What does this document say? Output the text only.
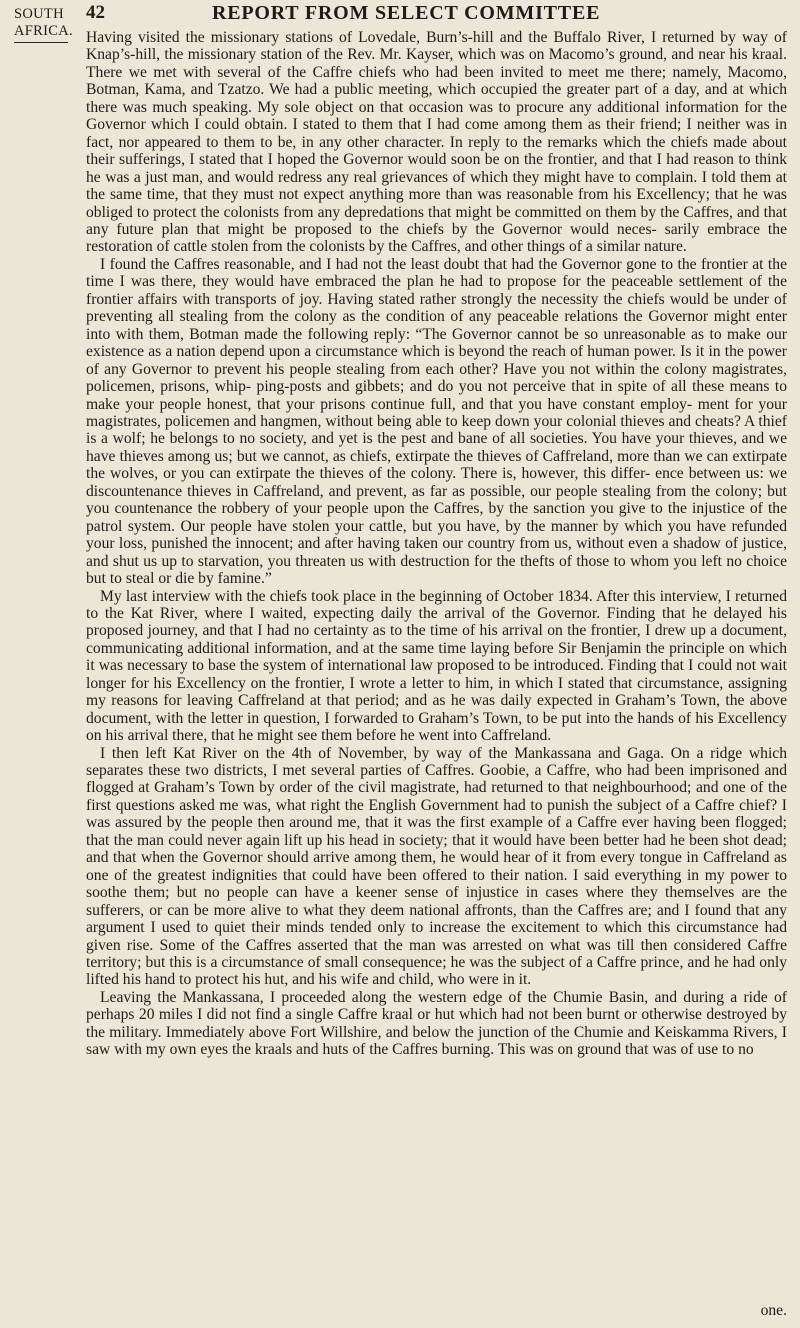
SOUTH
AFRICA.
42	REPORT FROM SELECT COMMITTEE

Having visited the missionary stations of Lovedale, Burn’s-hill and the Buffalo River, I returned by way of Knap’s-hill, the missionary station of the Rev. Mr. Kayser, which was on Macomo’s ground, and near his kraal. There we met with several of the Caffre chiefs who had been invited to meet me there; namely, Macomo, Botman, Kama, and Tzatzo. We had a public meeting, which occupied the greater part of a day, and at which there was much speaking. My sole object on that occasion was to procure any additional information for the Governor which I could obtain. I stated to them that I had come among them as their friend; I neither was in fact, nor appeared to them to be, in any other character. In reply to the remarks which the chiefs made about their sufferings, I stated that I hoped the Governor would soon be on the frontier, and that I had reason to think he was a just man, and would redress any real grievances of which they might have to complain. I told them at the same time, that they must not expect anything more than was reasonable from his Excellency; that he was obliged to protect the colonists from any depredations that might be committed on them by the Caffres, and that any future plan that might be proposed to the chiefs by the Governor would neces- sarily embrace the restoration of cattle stolen from the colonists by the Caffres, and other things of a similar nature.

I found the Caffres reasonable, and I had not the least doubt that had the Governor gone to the frontier at the time I was there, they would have embraced the plan he had to propose for the peaceable settlement of the frontier affairs with transports of joy. Having stated rather strongly the necessity the chiefs would be under of preventing all stealing from the colony as the condition of any peaceable relations the Governor might enter into with them, Botman made the following reply: “The Governor cannot be so unreasonable as to make our existence as a nation depend upon a circumstance which is beyond the reach of human power. Is it in the power of any Governor to prevent his people stealing from each other? Have you not within the colony magistrates, policemen, prisons, whip- ping-posts and gibbets; and do you not perceive that in spite of all these means to make your people honest, that your prisons continue full, and that you have constant employ- ment for your magistrates, policemen and hangmen, without being able to keep down your colonial thieves and cheats? A thief is a wolf; he belongs to no society, and yet is the pest and bane of all societies. You have your thieves, and we have thieves among us; but we cannot, as chiefs, extirpate the thieves of Caffreland, more than we can extirpate the wolves, or you can extirpate the thieves of the colony. There is, however, this differ- ence between us: we discountenance thieves in Caffreland, and prevent, as far as possible, our people stealing from the colony; but you countenance the robbery of your people upon the Caffres, by the sanction you give to the injustice of the patrol system. Our people have stolen your cattle, but you have, by the manner by which you have refunded your loss, punished the innocent; and after having taken our country from us, without even a shadow of justice, and shut us up to starvation, you threaten us with destruction for the thefts of those to whom you left no choice but to steal or die by famine.”

My last interview with the chiefs took place in the beginning of October 1834. After this interview, I returned to the Kat River, where I waited, expecting daily the arrival of the Governor. Finding that he delayed his proposed journey, and that I had no certainty as to the time of his arrival on the frontier, I drew up a document, communicating additional information, and at the same time laying before Sir Benjamin the principle on which it was necessary to base the system of international law proposed to be introduced. Finding that I could not wait longer for his Excellency on the frontier, I wrote a letter to him, in which I stated that circumstance, assigning my reasons for leaving Caffreland at that period; and as he was daily expected in Graham’s Town, the above document, with the letter in question, I forwarded to Graham’s Town, to be put into the hands of his Excellency on his arrival there, that he might see them before he went into Caffreland.

I then left Kat River on the 4th of November, by way of the Mankassana and Gaga. On a ridge which separates these two districts, I met several parties of Caffres. Goobie, a Caffre, who had been imprisoned and flogged at Graham’s Town by order of the civil magistrate, had returned to that neighbourhood; and one of the first questions asked me was, what right the English Government had to punish the subject of a Caffre chief? I was assured by the people then around me, that it was the first example of a Caffre ever having been flogged; that the man could never again lift up his head in society; that it would have been better had he been shot dead; and that when the Governor should arrive among them, he would hear of it from every tongue in Caffreland as one of the greatest indignities that could have been offered to their nation. I said everything in my power to soothe them; but no people can have a keener sense of injustice in cases where they themselves are the sufferers, or can be more alive to what they deem national affronts, than the Caffres are; and I found that any argument I used to quiet their minds tended only to increase the excitement to which this circumstance had given rise. Some of the Caffres asserted that the man was arrested on what was till then considered Caffre territory; but this is a circumstance of small consequence; he was the subject of a Caffre prince, and he had only lifted his hand to protect his hut, and his wife and child, who were in it.

Leaving the Mankassana, I proceeded along the western edge of the Chumie Basin, and during a ride of perhaps 20 miles I did not find a single Caffre kraal or hut which had not been burnt or otherwise destroyed by the military. Immediately above Fort Willshire, and below the junction of the Chumie and Keiskamma Rivers, I saw with my own eyes the kraals and huts of the Caffres burning. This was on ground that was of use to no

one.
